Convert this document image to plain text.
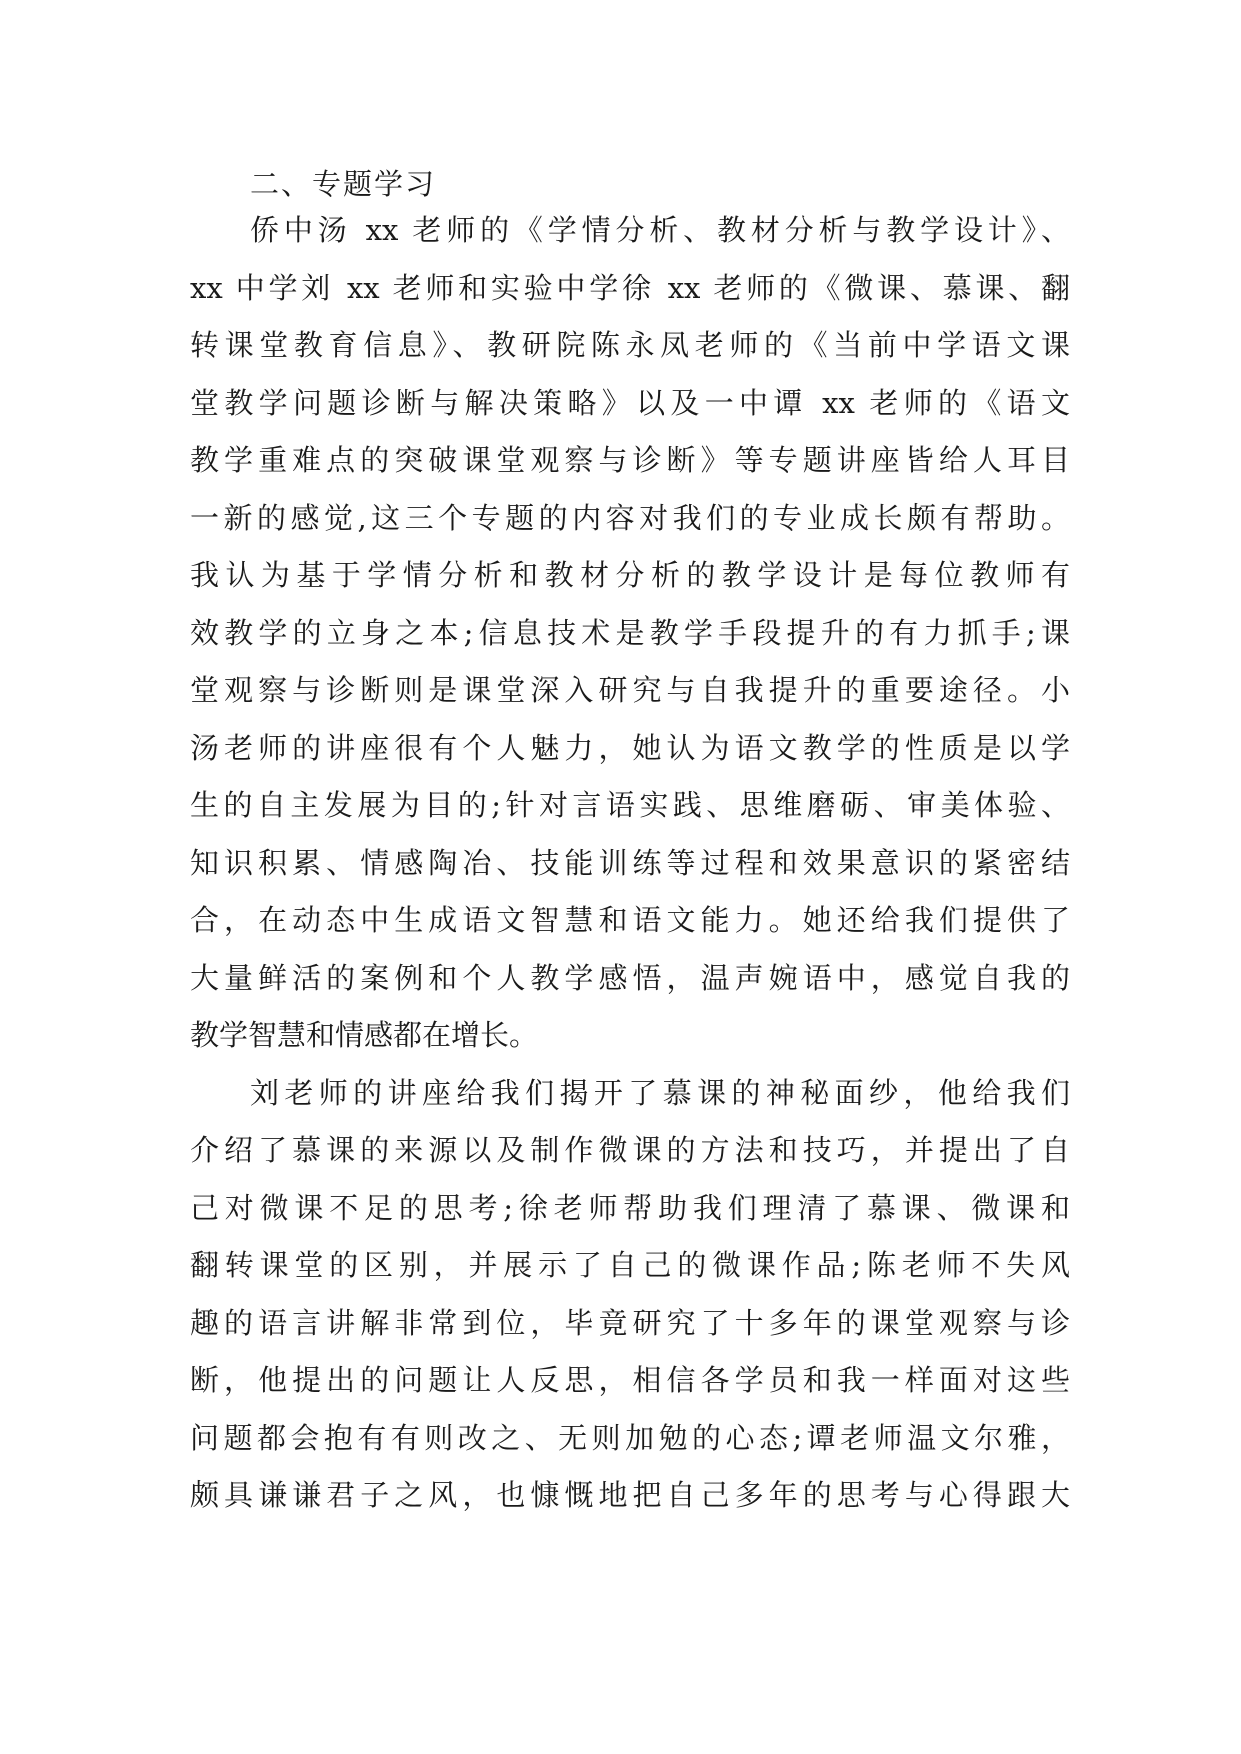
二、专题学习
侨中汤 xx 老师的《学情分析、教材分析与教学设计》、
xx 中学刘 xx 老师和实验中学徐 xx 老师的《微课、慕课、翻
转课堂教育信息》、教研院陈永凤老师的《当前中学语文课
堂教学问题诊断与解决策略》以及一中谭 xx 老师的《语文
教学重难点的突破课堂观察与诊断》等专题讲座皆给人耳目
一新的感觉,这三个专题的内容对我们的专业成长颇有帮助。
我认为基于学情分析和教材分析的教学设计是每位教师有
效教学的立身之本;信息技术是教学手段提升的有力抓手;课
堂观察与诊断则是课堂深入研究与自我提升的重要途径。小
汤老师的讲座很有个人魅力，她认为语文教学的性质是以学
生的自主发展为目的;针对言语实践、思维磨砺、审美体验、
知识积累、情感陶冶、技能训练等过程和效果意识的紧密结
合，在动态中生成语文智慧和语文能力。她还给我们提供了
大量鲜活的案例和个人教学感悟，温声婉语中，感觉自我的
教学智慧和情感都在增长。
刘老师的讲座给我们揭开了慕课的神秘面纱，他给我们
介绍了慕课的来源以及制作微课的方法和技巧，并提出了自
己对微课不足的思考;徐老师帮助我们理清了慕课、微课和
翻转课堂的区别，并展示了自己的微课作品;陈老师不失风
趣的语言讲解非常到位，毕竟研究了十多年的课堂观察与诊
断，他提出的问题让人反思，相信各学员和我一样面对这些
问题都会抱有有则改之、无则加勉的心态;谭老师温文尔雅，
颇具谦谦君子之风，也慷慨地把自己多年的思考与心得跟大
